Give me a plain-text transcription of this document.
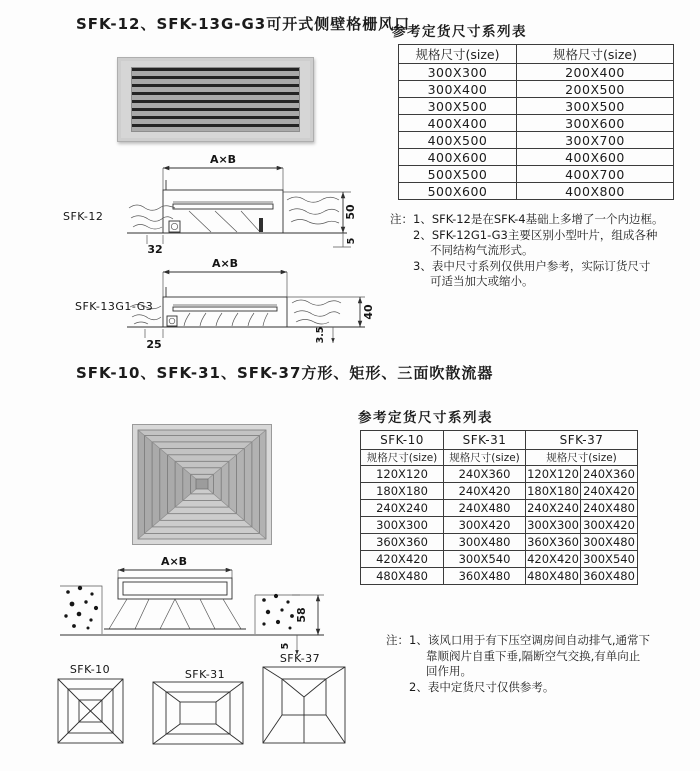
SFK-12、SFK-13G-G3可开式侧壁格栅风口

参考定货尺寸系列表

规格尺寸(size)	规格尺寸(size)
300X300	200X400
300X400	200X500
300X500	300X500
400X400	300X600
400X500	300X700
400X600	400X600
500X500	400X700
500X600	400X800
注： 1、SFK-12是在SFK-4基础上多增了一个内边框。
2、SFK-12G1-G3主要区别小型叶片，组成各种
不同结构气流形式。
3、表中尺寸系列仅供用户参考，实际订货尺寸
可适当加大或缩小。
A×B
32
50
5
SFK-12
A×B
25
40
3.5
SFK-13G1-G3
SFK-10、SFK-31、SFK-37方形、矩形、三面吹散流器

参考定货尺寸系列表

SFK-10	SFK-31	SFK-37	
规格尺寸(size)	规格尺寸(size)	规格尺寸(size)	
120X120	240X360	120X120	240X360
180X180	240X420	180X180	240X420
240X240	240X480	240X240	240X480
300X300	300X420	300X300	300X420
360X360	300X480	360X360	300X480
420X420	300X540	420X420	300X540
480X480	360X480	480X480	360X480
A×B
58
5	注： 1、该风口用于有下压空调房间自动排气,通常下
靠顺阀片自重下垂,隔断空气交换,有单向止
回作用。
2、表中定货尺寸仅供参考。
SFK-10	SFK-31
SFK-37
